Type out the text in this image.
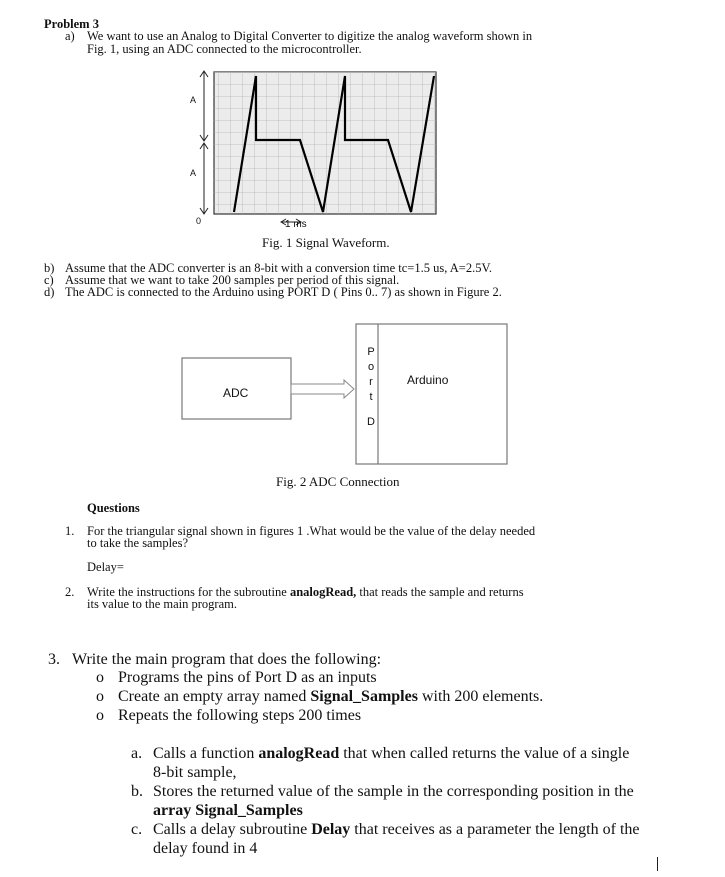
Problem 3
a) We want to use an Analog to Digital Converter to digitize the analog waveform shown in
Fig. 1, using an ADC connected to the microcontroller.
A
A
0	1 ms
Fig. 1 Signal Waveform.
b) Assume that the ADC converter is an 8-bit with a conversion time tc=1.5 us, A=2.5V.
c) Assume that we want to take 200 samples per period of this signal.
d) The ADC is connected to the Arduino using PORT D ( Pins 0.. 7) as shown in Figure 2.
ADC
Arduino
P
o
r
t
D
Fig. 2 ADC Connection
Questions
1. For the triangular signal shown in figures 1 .What would be the value of the delay needed
to take the samples?
Delay=
2. Write the instructions for the subroutine analogRead, that reads the sample and returns
its value to the main program.
3. Write the main program that does the following:
o Programs the pins of Port D as an inputs
o Create an empty array named Signal_Samples with 200 elements.
o Repeats the following steps 200 times
a. Calls a function analogRead that when called returns the value of a single
8-bit sample,
b. Stores the returned value of the sample in the corresponding position in the
array Signal_Samples
c. Calls a delay subroutine Delay that receives as a parameter the length of the
delay found in 4
